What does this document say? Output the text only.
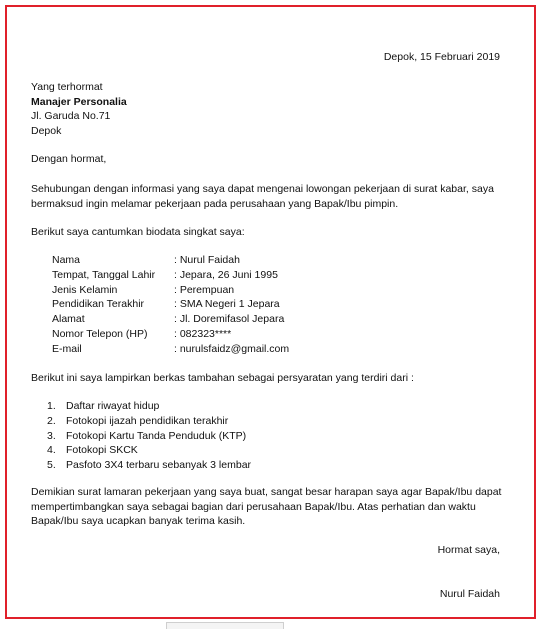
Depok, 15 Februari 2019
Yang terhormat
Manajer Personalia
Jl. Garuda No.71
Depok
Dengan hormat,
Sehubungan dengan informasi yang saya dapat mengenai lowongan pekerjaan di surat kabar, saya
bermaksud ingin melamar pekerjaan pada perusahaan yang Bapak/Ibu pimpin.
Berikut saya cantumkan biodata singkat saya:
Nama	: Nurul Faidah
Tempat, Tanggal Lahir : Jepara, 26 Juni 1995
Jenis Kelamin	: Perempuan
Pendidikan Terakhir	: SMA Negeri 1 Jepara
Alamat	: Jl. Doremifasol Jepara
Nomor Telepon (HP)	: 082323****
E-mail	: nurulsfaidz@gmail.com
Berikut ini saya lampirkan berkas tambahan sebagai persyaratan yang terdiri dari :
1. Daftar riwayat hidup
2. Fotokopi ijazah pendidikan terakhir
3. Fotokopi Kartu Tanda Penduduk (KTP)
4. Fotokopi SKCK
5. Pasfoto 3X4 terbaru sebanyak 3 lembar
Demikian surat lamaran pekerjaan yang saya buat, sangat besar harapan saya agar Bapak/Ibu dapat
mempertimbangkan saya sebagai bagian dari perusahaan Bapak/Ibu. Atas perhatian dan waktu
Bapak/Ibu saya ucapkan banyak terima kasih.
Hormat saya,
Nurul Faidah
